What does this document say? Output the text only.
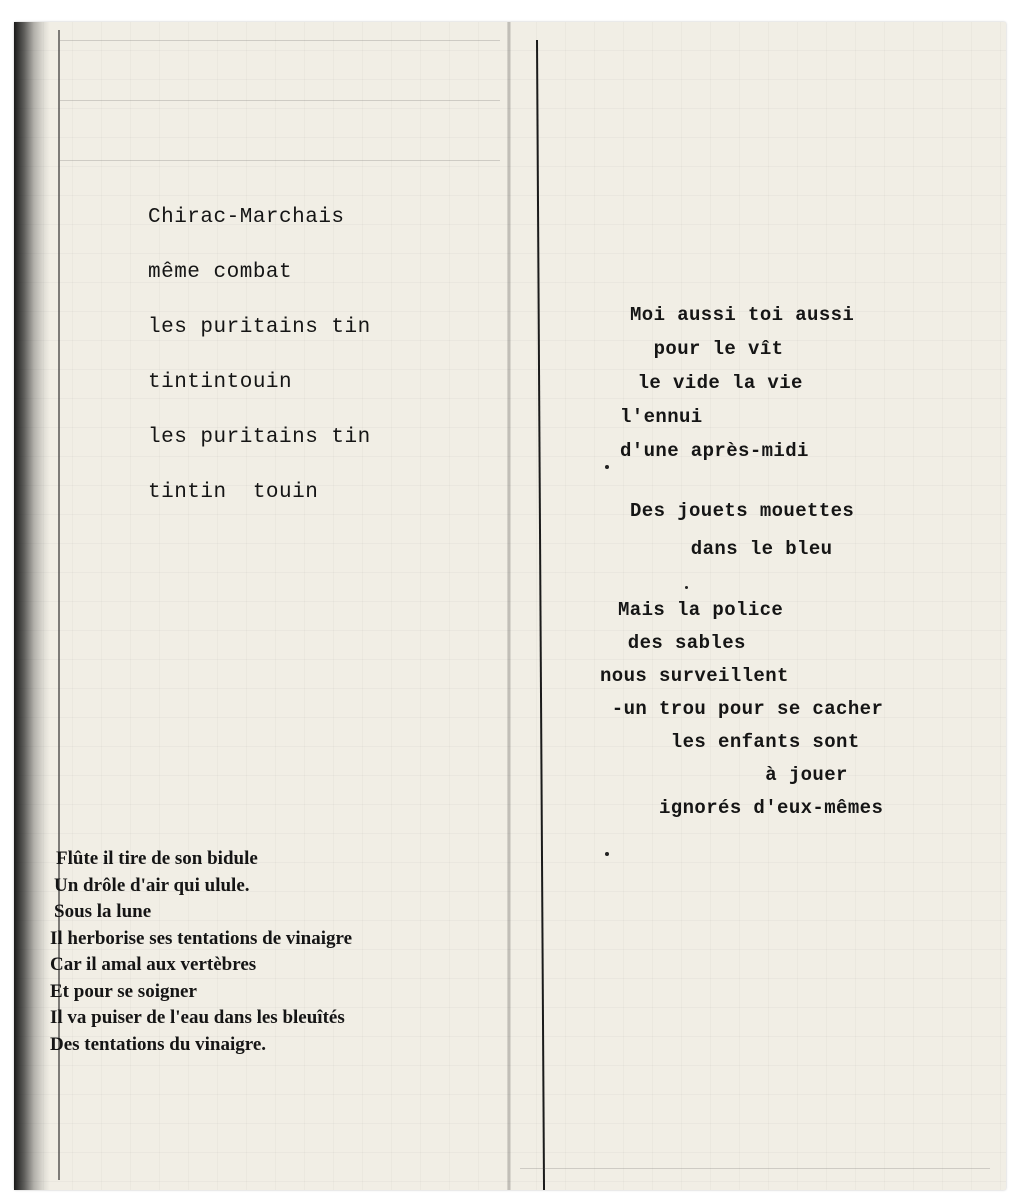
Chirac-Marchais
même combat
les puritains tin
tintintouin
les puritains tin
tintin  touin
Moi aussi toi aussi
pour le vît
le vide la vie
l'ennui
d'une après-midi
Des jouets mouettes
dans le bleu
Mais la police
des sables
nous surveillent
-un trou pour se cacher
les enfants sont
à jouer
ignorés d'eux-mêmes
Flûte il tire de son bidule
Un drôle d'air qui ulule.
Sous la lune
Il herborise ses tentations de vinaigre
Car il amal aux vertèbres
Et pour se soigner
Il va puiser de l'eau dans les bleuîtés
Des tentations du vinaigre.
